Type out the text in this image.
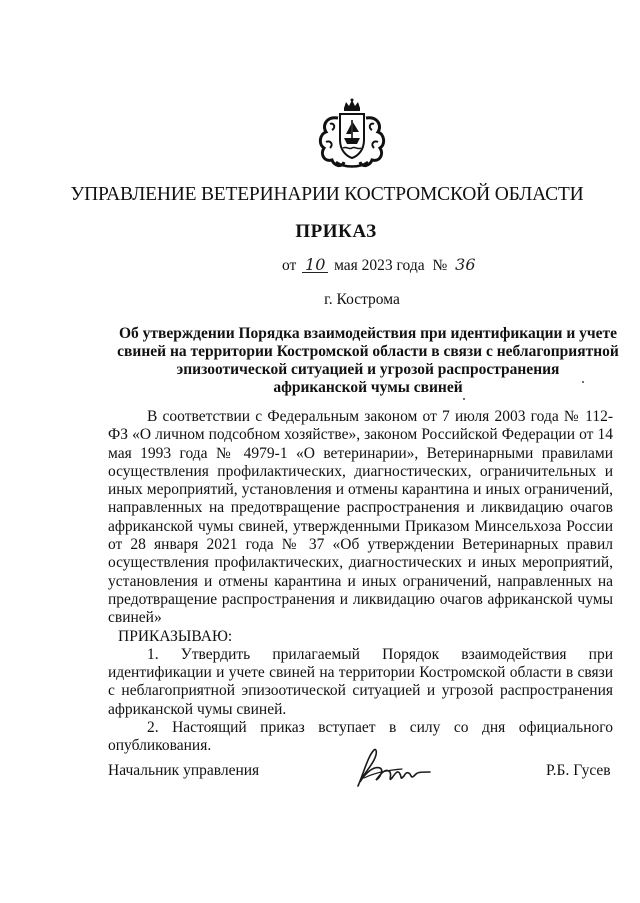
УПРАВЛЕНИЕ ВЕТЕРИНАРИИ КОСТРОМСКОЙ ОБЛАСТИ
ПРИКАЗ
от 10 мая 2023 года № 36
г. Кострома
Об утверждении Порядка взаимодействия при идентификации и учете
свиней на территории Костромской области в связи с неблагоприятной
эпизоотической ситуацией и угрозой распространения
африканской чумы свиней

В соответствии с Федеральным законом от 7 июля 2003 года № 112-ФЗ «О личном подсобном хозяйстве», законом Российской Федерации от 14 мая 1993 года № 4979-1 «О ветеринарии», Ветеринарными правилами осуществления профилактических, диагностических, ограничительных и иных мероприятий, установления и отмены карантина и иных ограничений, направленных на предотвращение распространения и ликвидацию очагов африканской чумы свиней, утвержденными Приказом Минсельхоза России от 28 января 2021 года № 37 «Об утверждении Ветеринарных правил осуществления профилактических, диагностических и иных мероприятий, установления и отмены карантина и иных ограничений, направленных на предотвращение распространения и ликвидацию очагов африканской чумы свиней»

ПРИКАЗЫВАЮ:

1. Утвердить прилагаемый Порядок взаимодействия при идентификации и учете свиней на территории Костромской области в связи с неблагоприятной эпизоотической ситуацией и угрозой распространения африканской чумы свиней.

2. Настоящий приказ вступает в силу со дня официального опубликования.

Начальник управления	Р.Б. Гусев
